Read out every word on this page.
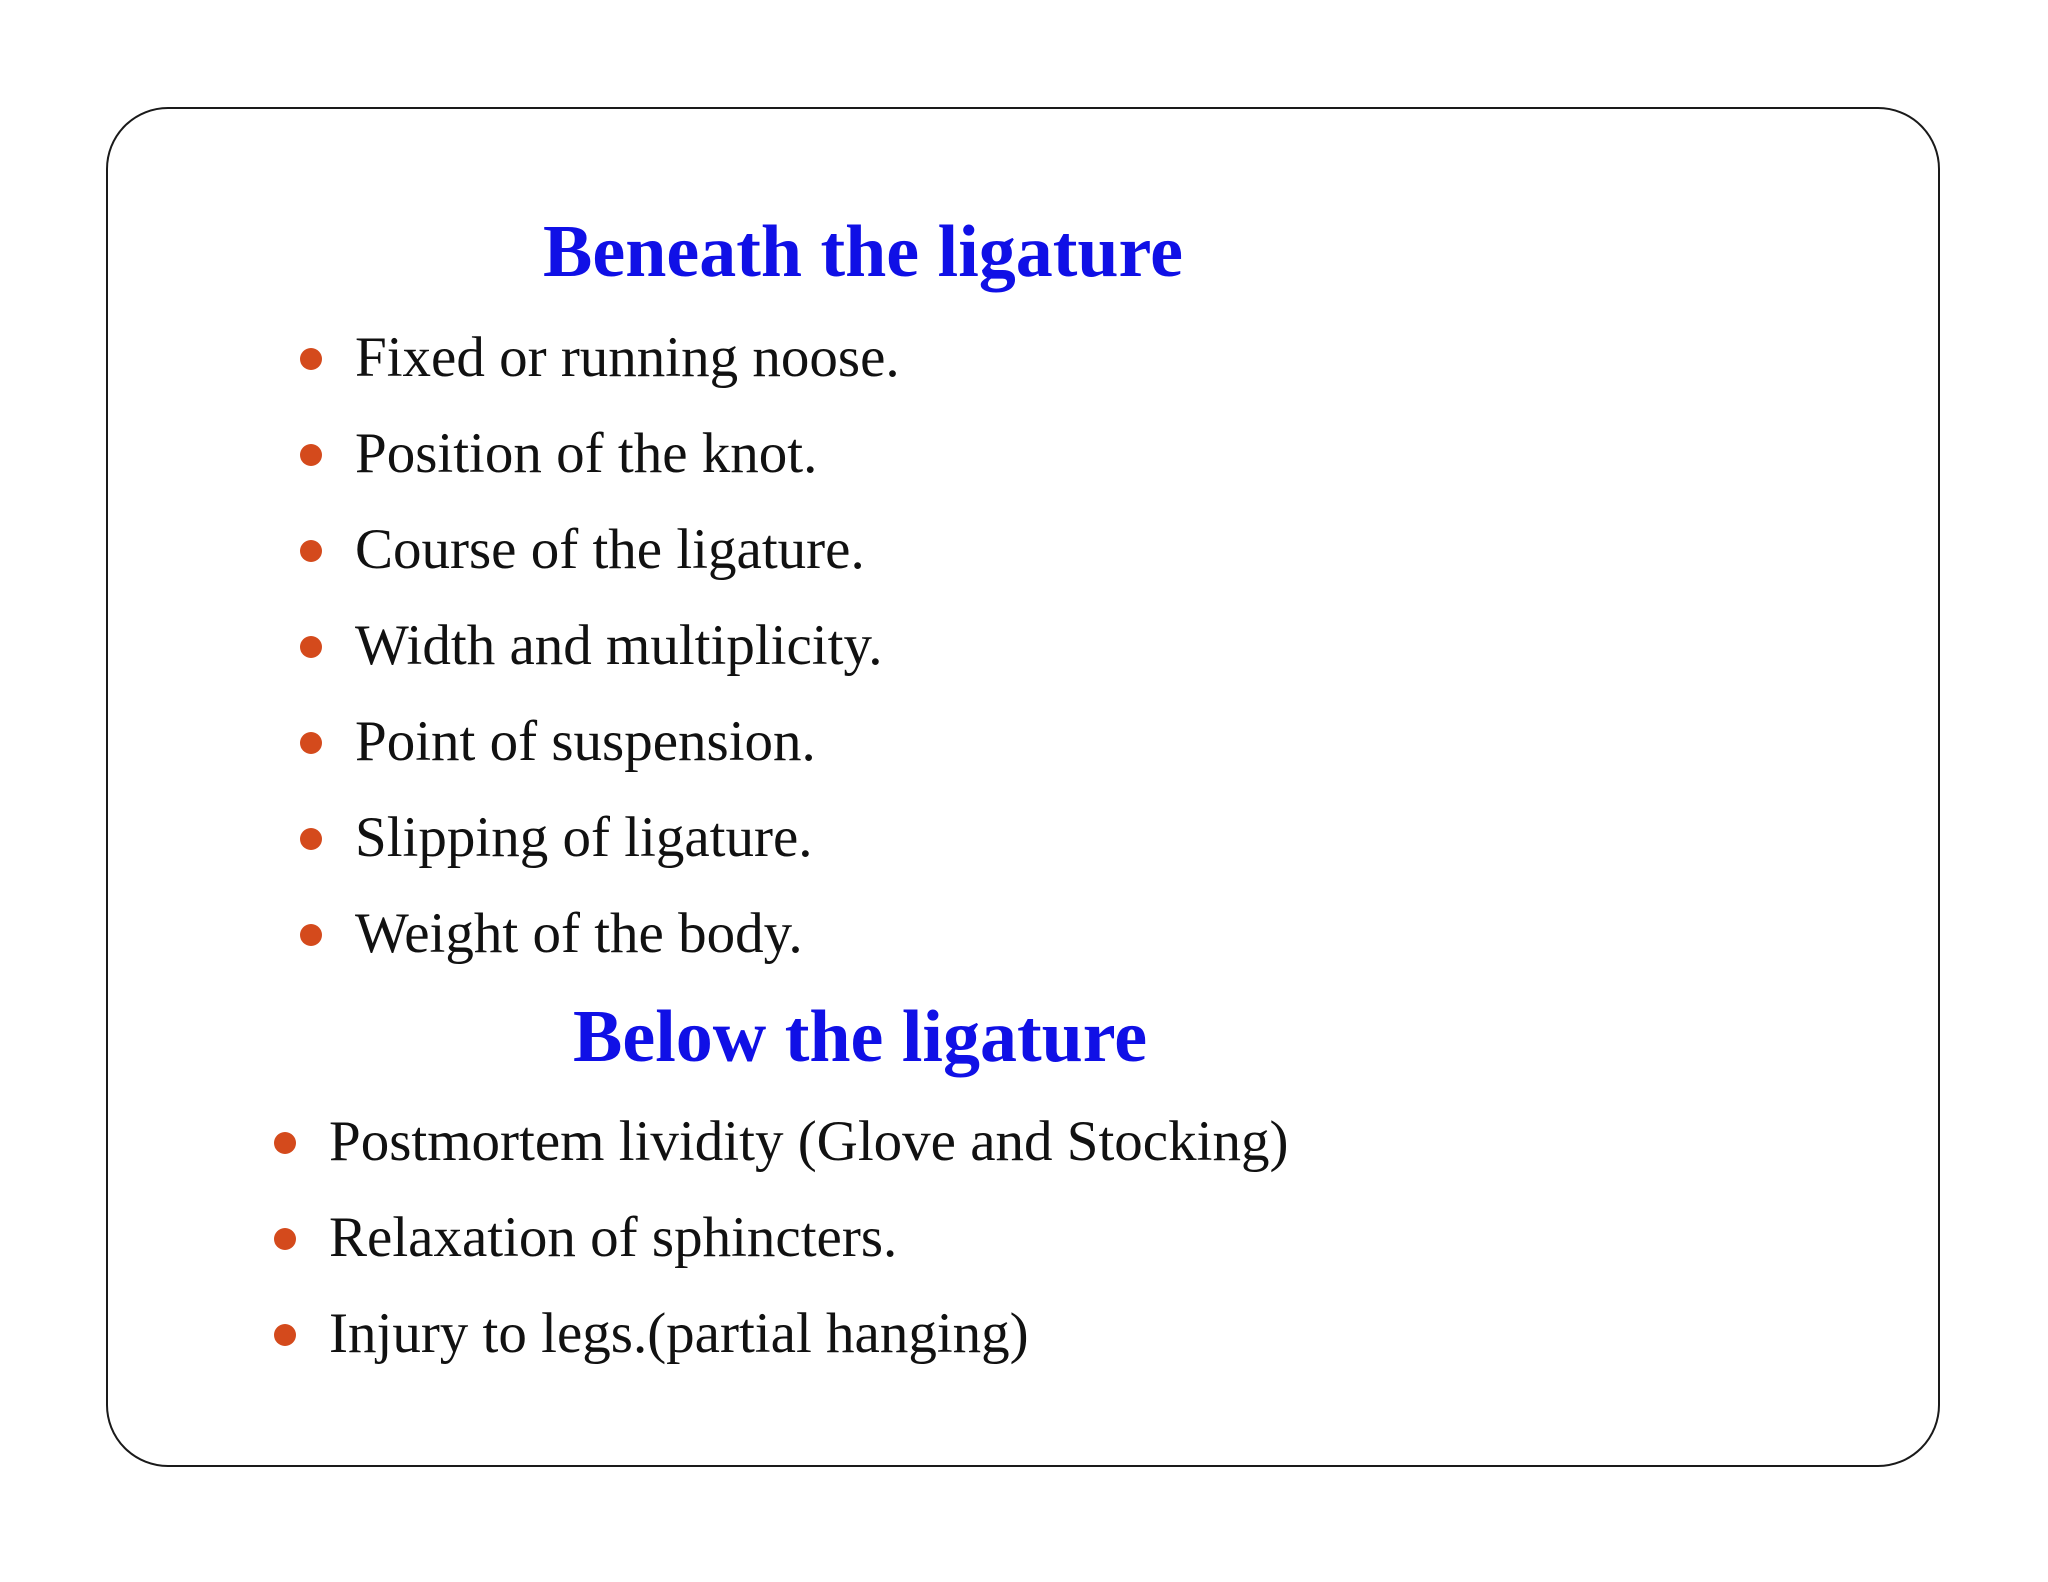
Beneath the ligature
Fixed or running noose.
Position of the knot.
Course of the ligature.
Width and multiplicity.
Point of suspension.
Slipping of ligature.
Weight of the body.
Below the ligature
Postmortem lividity (Glove and Stocking)
Relaxation of sphincters.
Injury to legs.(partial hanging)
